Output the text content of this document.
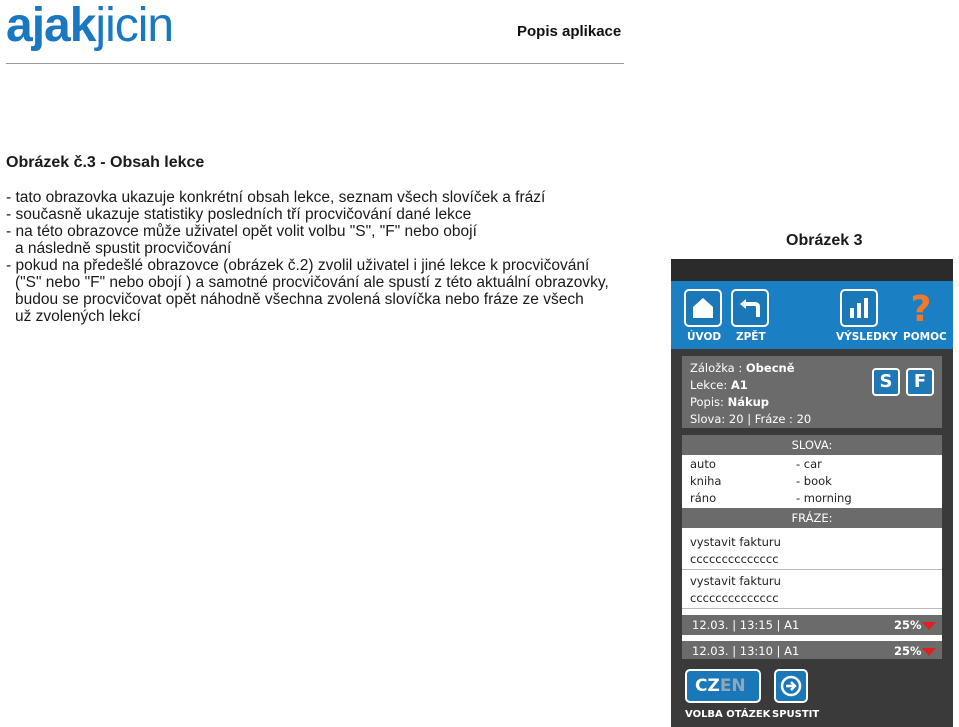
ajakjicin	Popis aplikace
Obrázek č.3 - Obsah lekce
- tato obrazovka ukazuje konkrétní obsah lekce, seznam všech slovíček a frází
- současně ukazuje statistiky posledních tří procvičování dané lekce
- na této obrazovce může uživatel opět volit volbu "S", "F" nebo obojí
a následně spustit procvičování
- pokud na předešlé obrazovce (obrázek č.2) zvolil uživatel i jiné lekce k procvičování
("S" nebo "F" nebo obojí ) a samotné procvičování ale spustí z této aktuální obrazovky,
budou se procvičovat opět náhodně všechna zvolená slovíčka nebo fráze ze všech
už zvolených lekcí
Obrázek 3
ÚVOD ZPĚT	VÝSLEDKY
?
POMOC
Záložka : Obecně
Lekce: A1
Popis: Nákup
Slova: 20 | Fráze : 20
S	F
SLOVA:
auto	- car
kniha	- book
ráno	- morning
FRÁZE:
vystavit fakturu
cccccccccccccc
vystavit fakturu
cccccccccccccc
12.03. | 13:15 | A1	25%
12.03. | 13:10 | A1	25%
CZEN
VOLBA OTÁZEK SPUSTIT
